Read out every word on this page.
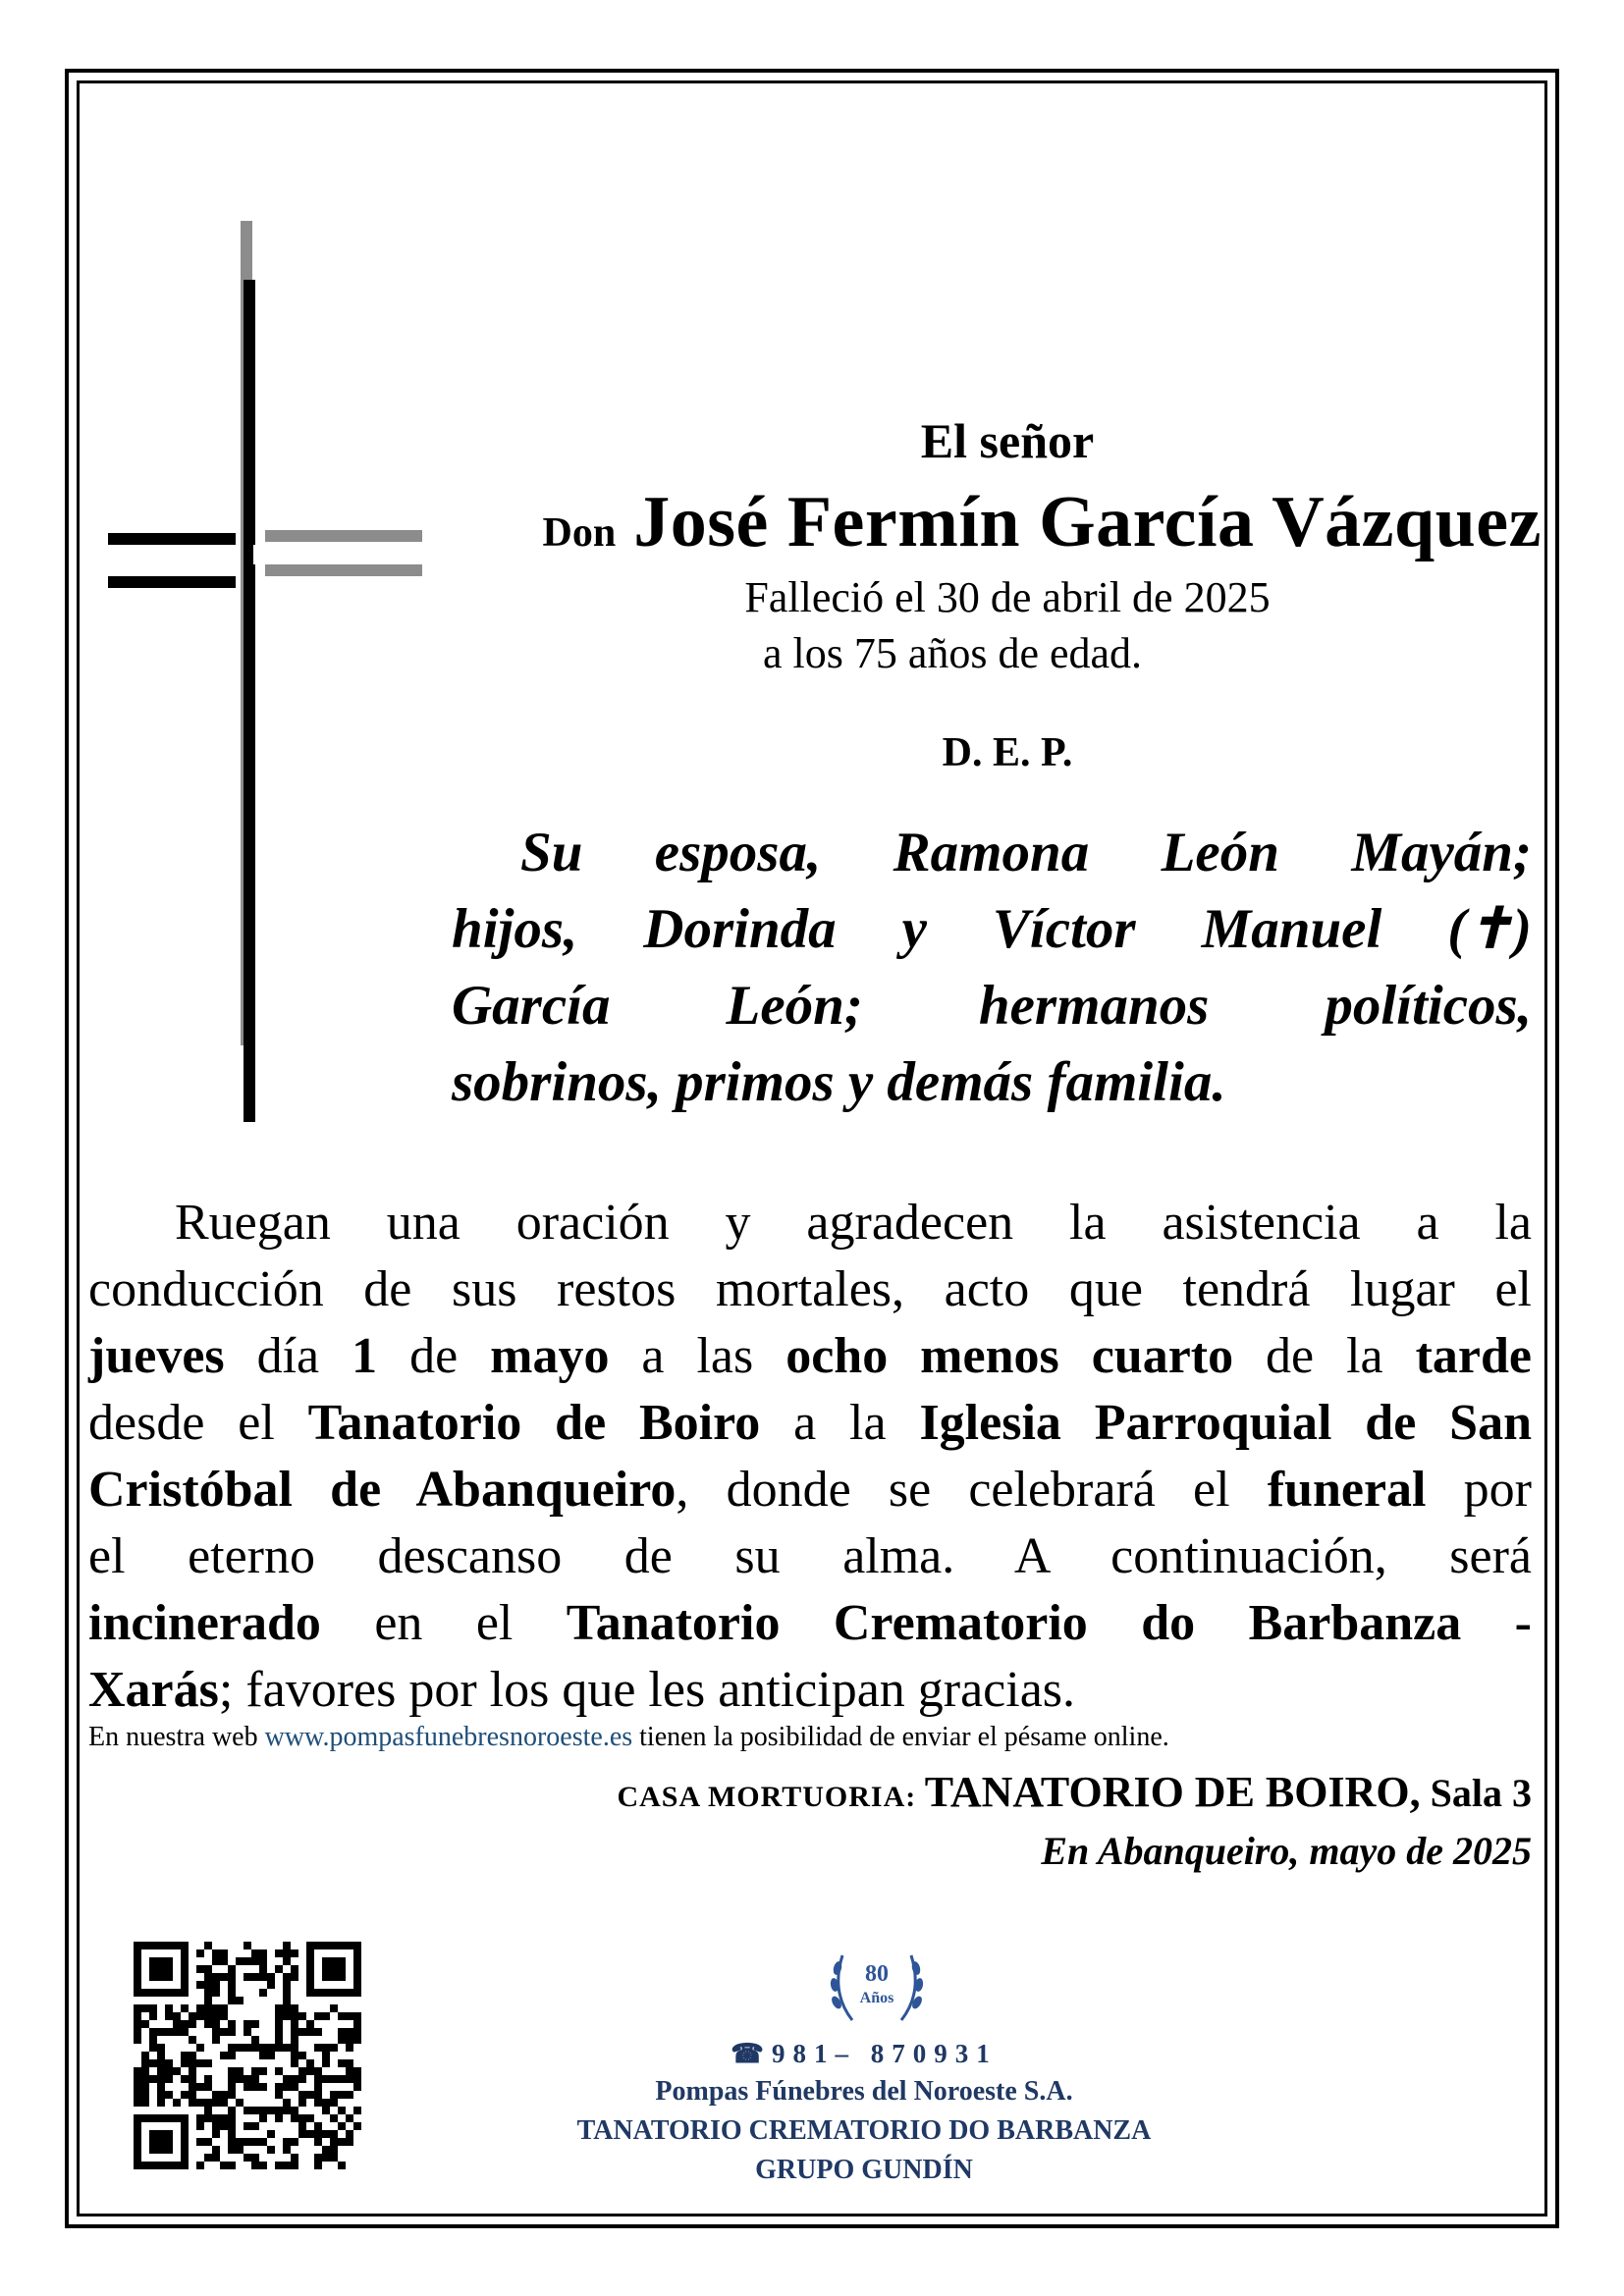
El señor
Don José Fermín García Vázquez
Falleció el 30 de abril de 2025
a los 75 años de edad.
D. E. P.
Su esposa, Ramona León Mayán;
hijos, Dorinda y Víctor Manuel (✝)
García León; hermanos políticos,
sobrinos, primos y demás familia.
Ruegan una oración y agradecen la asistencia a la
conducción de sus restos mortales, acto que tendrá lugar el
jueves día 1 de mayo a las ocho menos cuarto de la tarde
desde el Tanatorio de Boiro a la Iglesia Parroquial de San
Cristóbal de Abanqueiro, donde se celebrará el funeral por
el eterno descanso de su alma. A continuación, será
incinerado en el Tanatorio Crematorio do Barbanza -
Xarás; favores por los que les anticipan gracias.
En nuestra web www.pompasfunebresnoroeste.es tienen la posibilidad de enviar el pésame online.
CASA MORTUORIA: TANATORIO DE BOIRO, Sala 3
En Abanqueiro, mayo de 2025
80
Años
☎981– 870931
Pompas Fúnebres del Noroeste S.A.
TANATORIO CREMATORIO DO BARBANZA
GRUPO GUNDÍN
